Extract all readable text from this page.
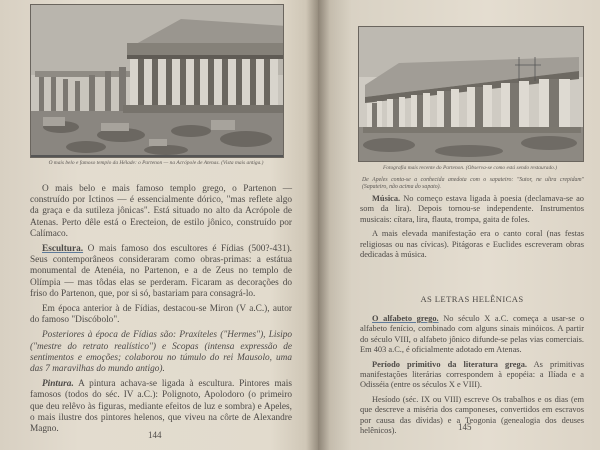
O mais belo e famoso templo da Hélade: o Partenon — na Acrópole de Atenas. (Vista mais antiga.)

O mais belo e mais famoso templo grego, o Partenon — construído por Ictinos — é essencialmente dórico, "mas reflete algo da graça e da sutileza jônicas". Está situado no alto da Acrópole de Atenas. Perto dêle está o Erecteion, de estilo jônico, construído por Calímaco.

Escultura. O mais famoso dos escultores é Fídias (500?-431). Seus contemporâneos consideraram como obras-primas: a estátua monumental de Atenéia, no Partenon, e a de Zeus no templo de Olímpia — mas tôdas elas se perderam. Ficaram as decorações do friso do Partenon, que, por si só, bastariam para consagrá-lo.

Em época anterior à de Fídias, destacou-se Miron (V a.C.), autor do famoso "Discóbolo".

Posteriores à época de Fídias são: Praxíteles ("Hermes"), Lisipo ("mestre do retrato realístico") e Scopas (intensa expressão de sentimentos e emoções; colaborou no túmulo do rei Mausolo, uma das 7 maravilhas do mundo antigo).

Pintura. A pintura achava-se ligada à escultura. Pintores mais famosos (todos do séc. IV a.C.): Polignoto, Apolodoro (o primeiro que deu relêvo às figuras, mediante efeitos de luz e sombra) e Apeles, o mais ilustre dos pintores helenos, que viveu na côrte de Alexandre Magno.

144
Fotografia mais recente do Partenon. (Observa-se como está sendo restaurado.)
De Apeles conta-se a conhecida anedota com o sapateiro: "Sutor, ne ultra crepidam" (Sapateiro, não acima do sapato).

Música. No começo estava ligada à poesia (declamava-se ao som da lira). Depois tornou-se independente. Instrumentos musicais: cítara, lira, flauta, trompa, gaita de foles.

A mais elevada manifestação era o canto coral (nas festas religiosas ou nas cívicas). Pitágoras e Euclides escreveram obras dedicadas à música.

AS LETRAS HELÊNICAS

O alfabeto grego. No século X a.C. começa a usar-se o alfabeto fenício, combinado com alguns sinais minóicos. A partir do século VIII, o alfabeto jônico difunde-se pelas vias comerciais. Em 403 a.C., é oficialmente adotado em Atenas.

Período primitivo da literatura grega. As primitivas manifestações literárias correspondem à epopéia: a Ilíada e a Odisséia (entre os séculos X e VIII).

Hesíodo (séc. IX ou VIII) escreve Os trabalhos e os dias (em que descreve a miséria dos camponeses, convertidos em escravos por causa das dívidas) e a Teogonia (genealogia dos deuses helênicos).	145
